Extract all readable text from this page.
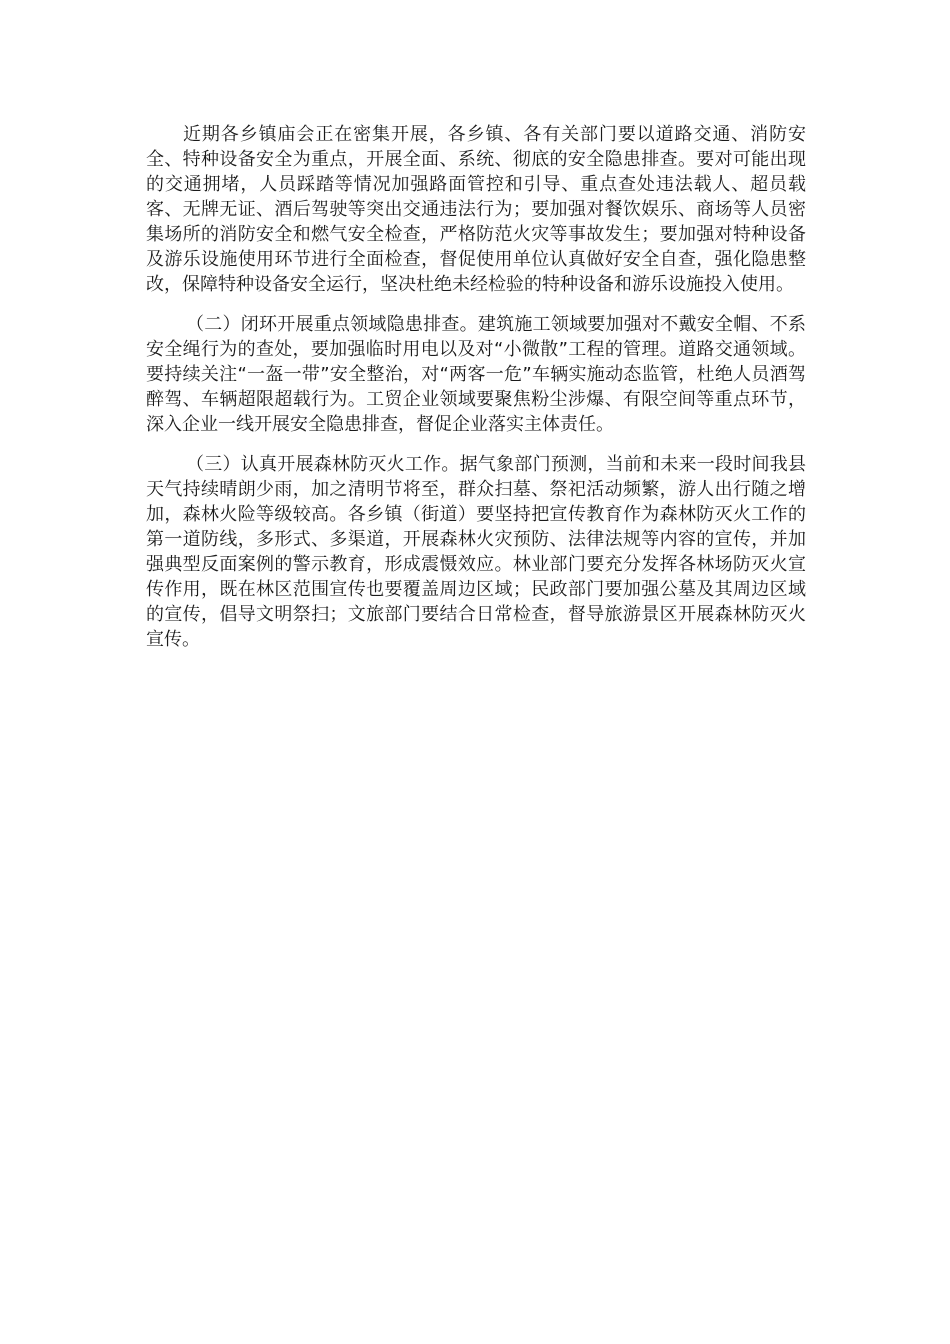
近期各乡镇庙会正在密集开展，各乡镇、各有关部门要以道路交通、消防安全、特种设备安全为重点，开展全面、系统、彻底的安全隐患排查。要对可能出现的交通拥堵，人员踩踏等情况加强路面管控和引导、重点查处违法载人、超员载客、无牌无证、酒后驾驶等突出交通违法行为；要加强对餐饮娱乐、商场等人员密集场所的消防安全和燃气安全检查，严格防范火灾等事故发生；要加强对特种设备及游乐设施使用环节进行全面检查，督促使用单位认真做好安全自查，强化隐患整改，保障特种设备安全运行，坚决杜绝未经检验的特种设备和游乐设施投入使用。

（二）闭环开展重点领域隐患排查。建筑施工领域要加强对不戴安全帽、不系安全绳行为的查处，要加强临时用电以及对“小微散”工程的管理。道路交通领域。要持续关注“一盔一带”安全整治，对“两客一危”车辆实施动态监管，杜绝人员酒驾醉驾、车辆超限超载行为。工贸企业领域要聚焦粉尘涉爆、有限空间等重点环节，深入企业一线开展安全隐患排查，督促企业落实主体责任。

（三）认真开展森林防灭火工作。据气象部门预测，当前和未来一段时间我县天气持续晴朗少雨，加之清明节将至，群众扫墓、祭祀活动频繁，游人出行随之增加，森林火险等级较高。各乡镇（街道）要坚持把宣传教育作为森林防灭火工作的第一道防线，多形式、多渠道，开展森林火灾预防、法律法规等内容的宣传，并加强典型反面案例的警示教育，形成震慑效应。林业部门要充分发挥各林场防灭火宣传作用，既在林区范围宣传也要覆盖周边区域；民政部门要加强公墓及其周边区域的宣传，倡导文明祭扫；文旅部门要结合日常检查，督导旅游景区开展森林防灭火宣传。
